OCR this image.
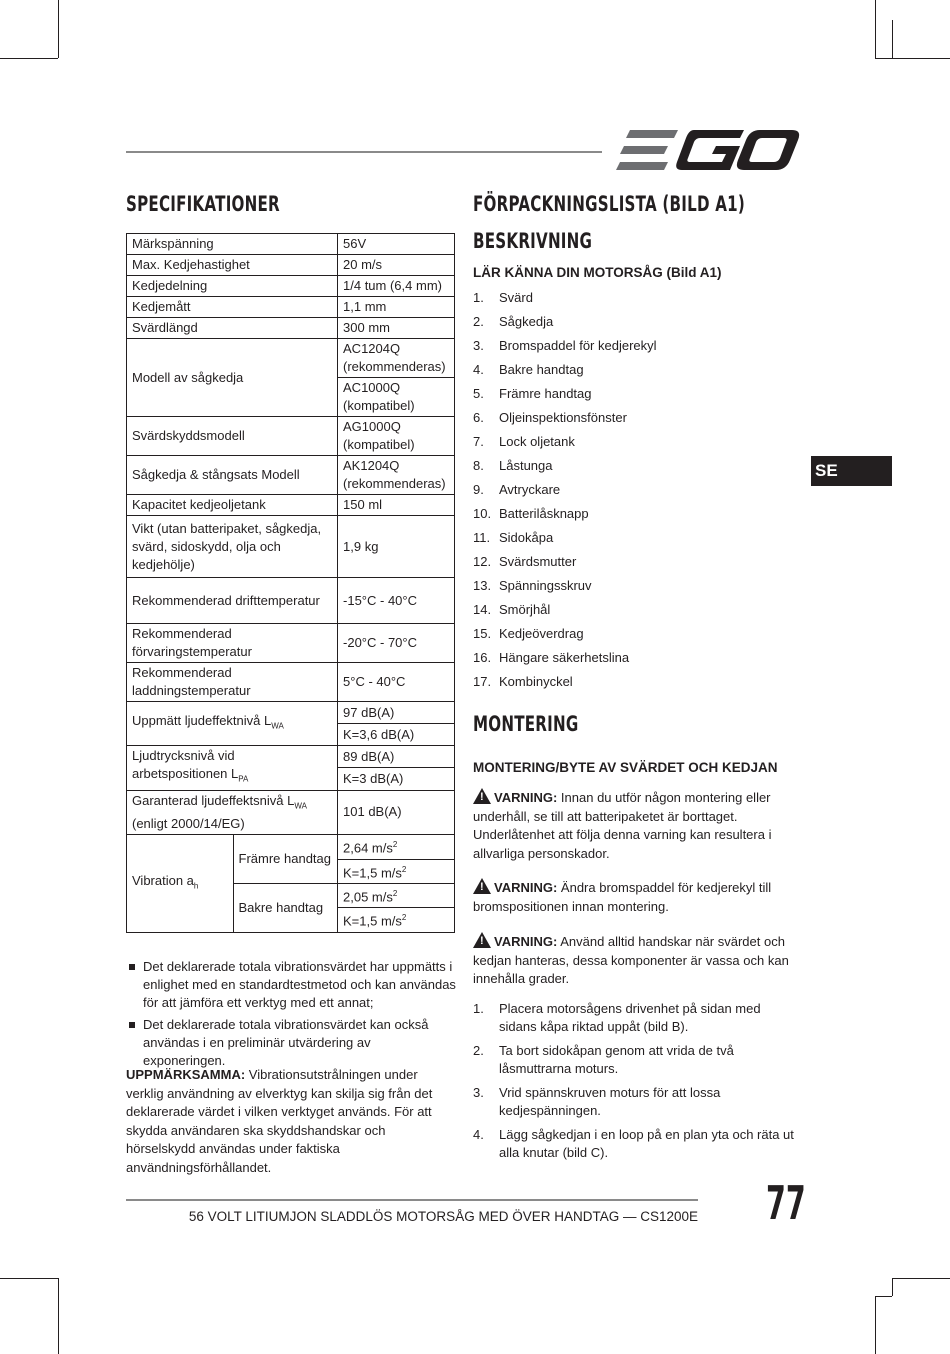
SPECIFIKATIONER
Märkspänning		56V
Max. Kedjehastighet		20 m/s
Kedjedelning		1/4 tum (6,4 mm)
Kedjemått		1,1 mm
Svärdlängd		300 mm
Modell av sågkedja		AC1204Q (rekommenderas)
		AC1000Q (kompatibel)
Svärdskyddsmodell		AG1000Q (kompatibel)
Sågkedja & stångsats Modell		AK1204Q (rekommenderas)
Kapacitet kedjeoljetank		150 ml
Vikt (utan batteripaket, sågkedja, svärd, sidoskydd, olja och kedjehölje)		1,9 kg
Rekommenderad drifttemperatur		-15°C - 40°C
Rekommenderad förvaringstemperatur		-20°C - 70°C
Rekommenderad laddningstemperatur		5°C - 40°C
Uppmätt ljudeffektnivå $L_{WA}$		97 dB(A)
		K=3,6 dB(A)
Ljudtrycksnivå vid arbetspositionen $L_{PA}$		89 dB(A)
		K=3 dB(A)
Garanterad ljudeffektsnivå $L_{WA}$
(enligt 2000/14/EG)		101 dB(A)
Vibration $a_h$	Främre handtag	2,64 $m/s^2$
		K=1,5 $m/s^2$
	Bakre handtag	2,05 $m/s^2$
		K=1,5 $m/s^2$
Det deklarerade totala vibrationsvärdet har uppmätts i enlighet med en standardtestmetod och kan användas för att jämföra ett verktyg med ett annat;
Det deklarerade totala vibrationsvärdet kan också användas i en preliminär utvärdering av exponeringen.

UPPMÄRKSAMMA: Vibrationsutstrålningen under verklig användning av elverktyg kan skilja sig från det deklarerade värdet i vilken verktyget används. För att skydda användaren ska skyddshandskar och hörselskydd användas under faktiska användningsförhållandet.

FÖRPACKNINGSLISTA (BILD A1)
BESKRIVNING
LÄR KÄNNA DIN MOTORSÅG (Bild A1)
1.	Svärd
2.	Sågkedja
3.	Bromspaddel för kedjerekyl
4.	Bakre handtag
5.	Främre handtag
6.	Oljeinspektionsfönster
7.	Lock oljetank
8.	Låstunga
9.	Avtryckare
10. Batterilåsknapp
11. Sidokåpa
12. Svärdsmutter
13. Spänningsskruv
14. Smörjhål
15. Kedjeöverdrag
16. Hängare säkerhetslina
17. Kombinyckel
MONTERING
MONTERING/BYTE AV SVÄRDET OCH KEDJAN

!VARNING: Innan du utför någon montering eller underhåll, se till att batteripaketet är borttaget. Underlåtenhet att följa denna varning kan resultera i allvarliga personskador.

!VARNING: Ändra bromspaddel för kedjerekyl till bromspositionen innan montering.

!VARNING: Använd alltid handskar när svärdet och kedjan hanteras, dessa komponenter är vassa och kan innehålla grader.

1.	Placera motorsågens drivenhet på sidan med sidans kåpa riktad uppåt (bild B).
2.	Ta bort sidokåpan genom att vrida de två låsmuttrarna moturs.
3.	Vrid spännskruven moturs för att lossa kedjespänningen.
4.	Lägg sågkedjan i en loop på en plan yta och räta ut alla knutar (bild C).
SE
56 VOLT LITIUMJON SLADDLÖS MOTORSÅG MED ÖVER HANDTAG — CS1200E 77
